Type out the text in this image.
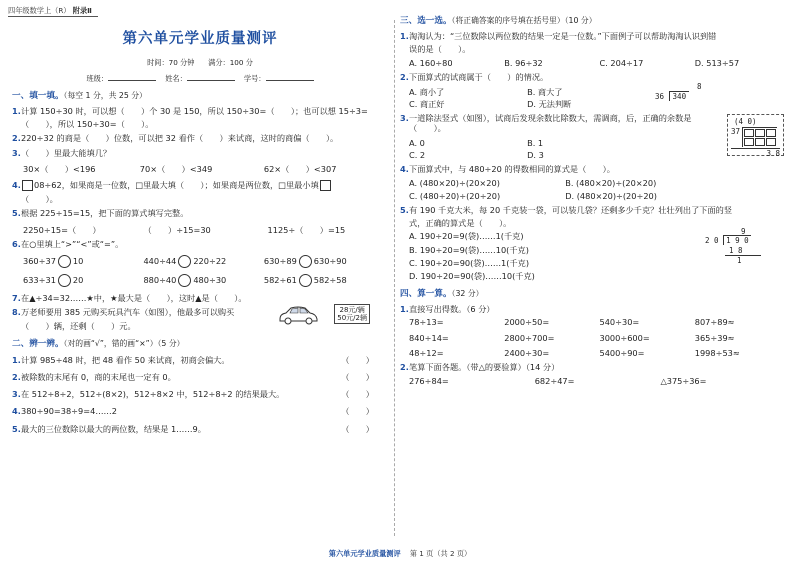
四年级数学上（R） 附录Ⅱ
第六单元学业质量测评
时间：70 分钟 满分：100 分
班级：	姓名：	学号：
一、填一填。（每空 1 分，共 25 分）
1. 计算 150÷30 时，可以想（　　）个 30 是 150，所以 150÷30=（　　）；也可以想 15÷3=
（　　），所以 150÷30=（　　）。
2. 220÷32 的商是（　　）位数，可以把 32 看作（　　）来试商，这时的商偏（　　）。
3. （　　）里最大能填几？
30×（　　）<196	70×（　　）<349	62×（　　）<307
4.	08÷62，如果商是一位数，□里最大填（　　）；如果商是两位数，□里最小填
（　　）。
5. 根据 225÷15=15，把下面的算式填写完整。
2250÷15=（　　）	（　　）÷15=30	1125÷（　　）=15
6. 在○里填上“>”“<”或“=”。
360÷37 10	440÷44 220÷22	630÷89 630÷90
633÷31 20	880÷40 480÷30	582÷61 582÷58
7. 在▲÷34=32……★中，★最大是（　　），这时▲是（　　）。
8. 万老师要用 385 元购买玩具汽车（如图），他最多可以购买
（　　）辆，还剩（　　）元。
28元/辆
50元/2辆
二、辨一辨。（对的画“√”，错的画“×”）（5 分）
1. 计算 985÷48 时，把 48 看作 50 来试商，初商会偏大。	（　　）
2. 被除数的末尾有 0，商的末尾也一定有 0。	（　　）
3. 在 512÷8÷2，512÷(8×2)，512÷8×2 中，512÷8÷2 的结果最大。	（　　）
4. 380÷90=38÷9=4……2	（　　）
5. 最大的三位数除以最大的两位数，结果是 1……9。	（　　）
三、选一选。（将正确答案的序号填在括号里）（10 分）
1. 淘淘认为：“三位数除以两位数的结果一定是一位数。”下面例子可以帮助淘淘认识到错
误的是（　　）。
A. 160÷80	B. 96÷32	C. 204÷17	D. 513÷57
2. 下面算式的试商属于（　　）的情况。
A. 商小了	B. 商大了
C. 商正好	D. 无法判断
8
36 340
3. 一道除法竖式（如图），试商后发现余数比除数大，需调商，后，正确的余数是（　　）。
A. 0	B. 1
C. 2	D. 3
(4 0)
37
3 8
4. 下面算式中，与 480÷20 的得数相同的算式是（　　）。
A. (480×20)÷(20×20)	B. (480×20)÷(20×20)
C. (480÷20)÷(20÷20)	D. (480×20)÷(20÷20)
5. 有 190 千克大米，每 20 千克装一袋，可以装几袋？还剩多少千克？壮壮列出了下面的竖
式，正确的算式是（　　）。
A. 190÷20=9(袋)……1(千克)
B. 190÷20=9(袋)……10(千克)
C. 190÷20=90(袋)……1(千克)
D. 190÷20=90(袋)……10(千克)
9
2 0 1 9 0
1 8
1
四、算一算。（32 分）
1. 直接写出得数。（6 分）
78÷13=	2000÷50=	540÷30=	807÷89≈
840÷14=	2800÷700=	3000÷600=	365÷39≈
48÷12=	2400÷30=	5400÷90=	1998÷53≈
2. 笔算下面各题。（带△的要验算）（14 分）
276÷84=	682÷47=	△375÷36=
第六单元学业质量测评 第 1 页（共 2 页）
